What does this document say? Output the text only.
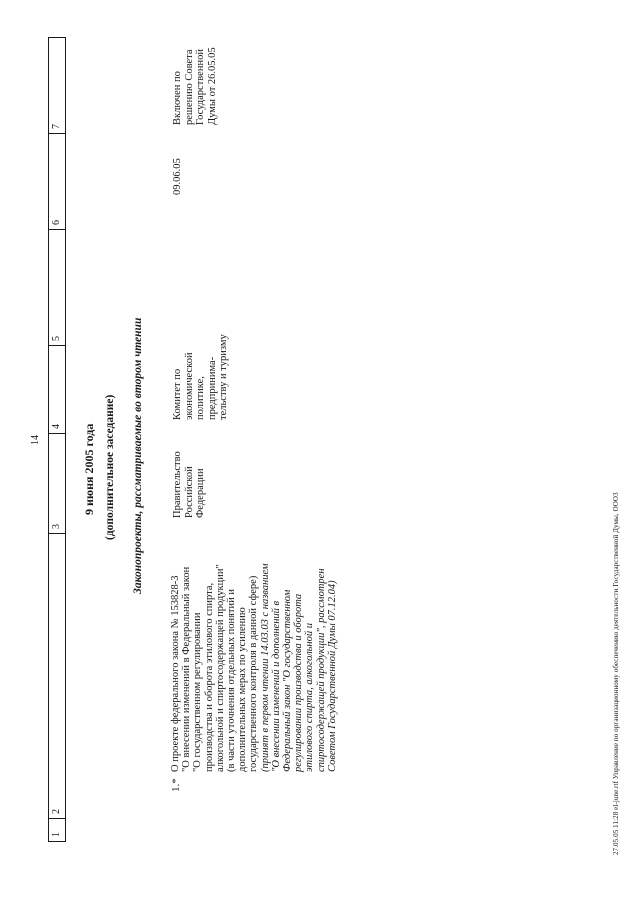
14
1
2
3
4
5
6
7
9 июня 2005 года (дополнительное заседание) Законопроекты, рассматриваемые во втором чтении
1.*
О проекте федерального закона № 153828-3 "О внесении изменений в Федеральный закон "О государственном регулировании производства и оборота этилового спирта, алкогольной и спиртосодержащей продукции" (в части уточнения отдельных понятий и дополнительных мерах по усилению государственного контроля в данной сфере) (принят в первом чтении 14.03.03 с названием "О внесении изменений и дополнений в Федеральный закон "О государственном регулировании производства и оборота этилового спирта, алкогольной и спиртосодержащей продукции", рассмотрен Советом Государственной Думы 07.12.04)
Правительство Российской Федерации
Комитет по экономической политике, предпринима- тельству и туризму
09.06.05
Включен по решению Совета Государственной Думы от 26.05.05
27.05.05 11:28 el-june.rtf Управление по организационному обеспечению деятельности Государственной Думы, ООО3
